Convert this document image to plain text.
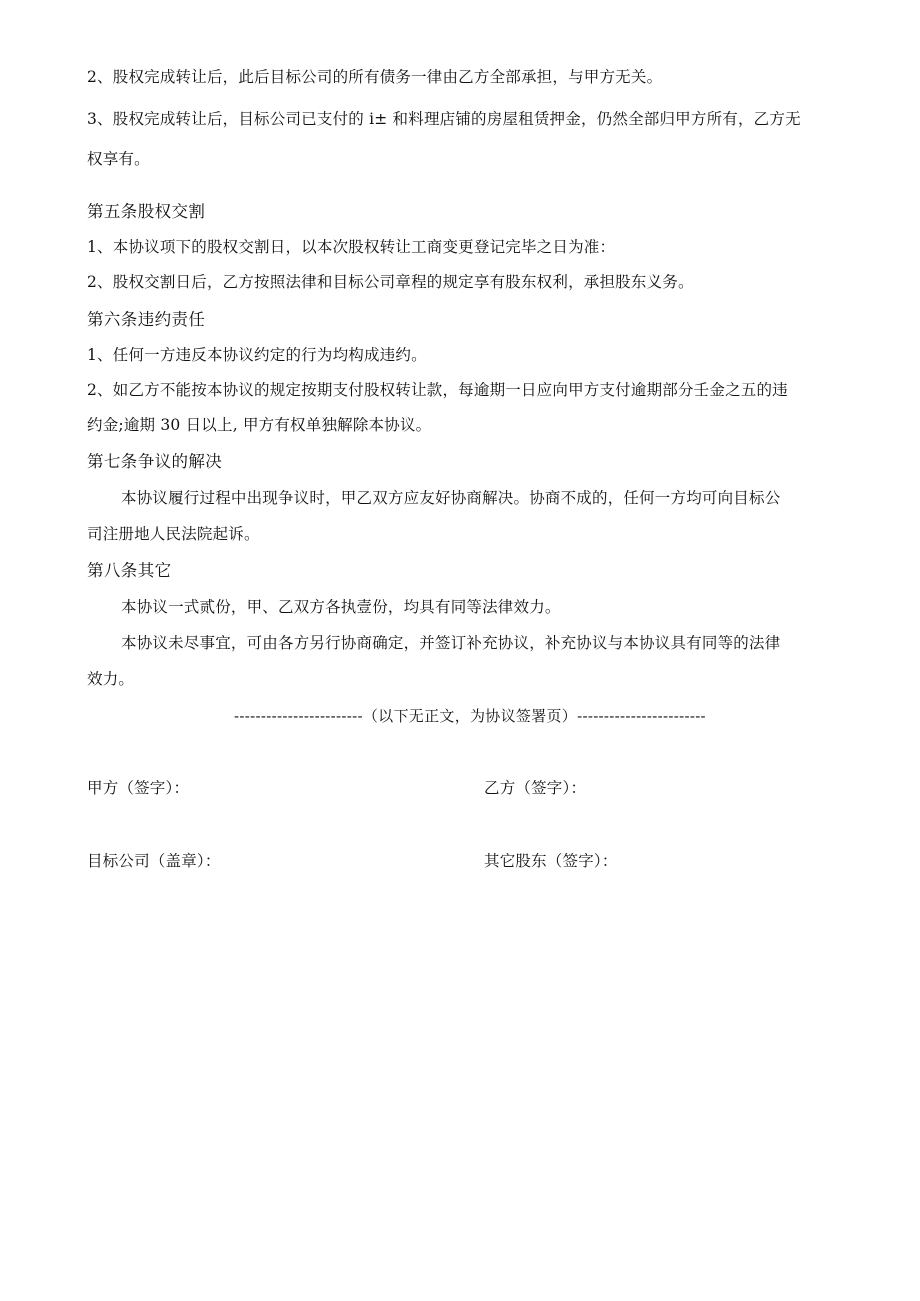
2、股权完成转让后，此后目标公司的所有债务一律由乙方全部承担，与甲方无关。
3、股权完成转让后，目标公司已支付的 i± 和料理店铺的房屋租赁押金，仍然全部归甲方所有，乙方无
权享有。
第五条股权交割
1、本协议项下的股权交割日，以本次股权转让工商变更登记完毕之日为准：
2、股权交割日后，乙方按照法律和目标公司章程的规定享有股东权利，承担股东义务。
第六条违约责任
1、任何一方违反本协议约定的行为均构成违约。
2、如乙方不能按本协议的规定按期支付股权转让款，每逾期一日应向甲方支付逾期部分壬金之五的违
约金;逾期 30 日以上, 甲方有权单独解除本协议。
第七条争议的解决
本协议履行过程中出现争议时，甲乙双方应友好协商解决。协商不成的，任何一方均可向目标公
司注册地人民法院起诉。
第八条其它
本协议一式贰份，甲、乙双方各执壹份，均具有同等法律效力。
本协议未尽事宜，可由各方另行协商确定，并签订补充协议，补充协议与本协议具有同等的法律
效力。
------------------------（以下无正文，为协议签署页）------------------------
甲方（签字）：	乙方（签字）：
目标公司（盖章）：	其它股东（签字）：
